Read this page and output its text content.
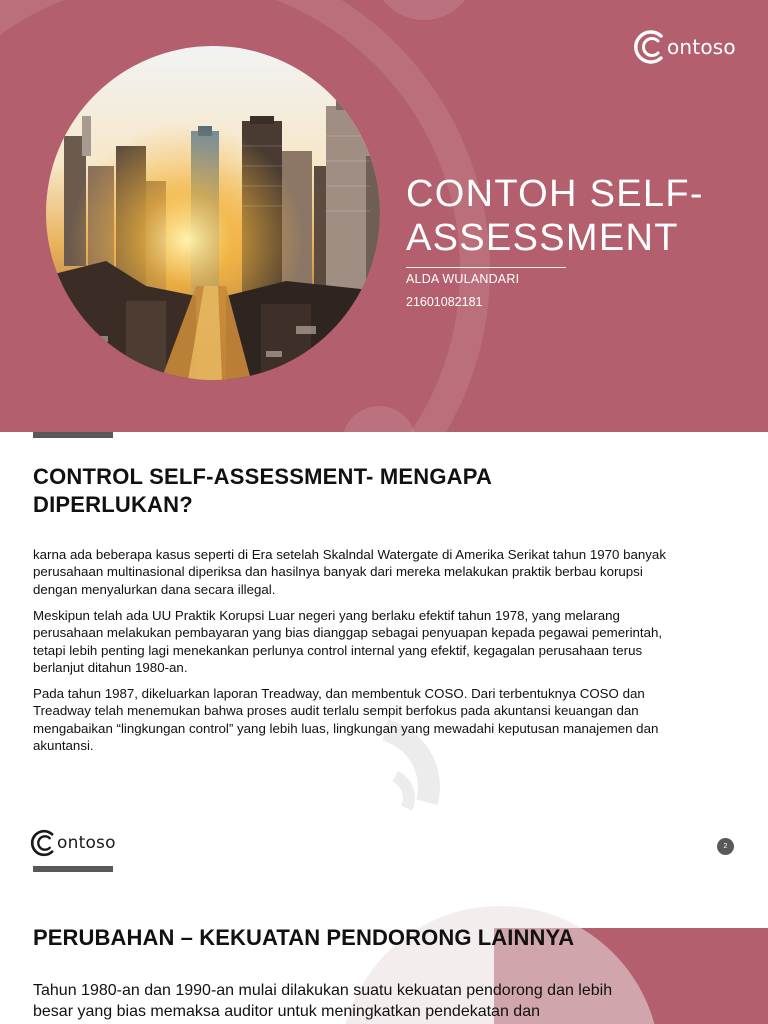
ontoso
CONTOH SELF-ASSESSMENT
ALDA WULANDARI
21601082181
CONTROL SELF-ASSESSMENT- MENGAPA DIPERLUKAN?

karna ada beberapa kasus seperti di Era setelah Skalndal Watergate di Amerika Serikat tahun 1970 banyak perusahaan multinasional diperiksa dan hasilnya banyak dari mereka melakukan praktik berbau korupsi dengan menyalurkan dana secara illegal.

Meskipun telah ada UU Praktik Korupsi Luar negeri yang berlaku efektif tahun 1978, yang melarang perusahaan melakukan pembayaran yang bias dianggap sebagai penyuapan kepada pegawai pemerintah, tetapi lebih penting lagi menekankan perlunya control internal yang efektif, kegagalan perusahaan terus berlanjut ditahun 1980-an.

Pada tahun 1987, dikeluarkan laporan Treadway, dan membentuk COSO. Dari terbentuknya COSO dan Treadway telah menemukan bahwa proses audit terlalu sempit berfokus pada akuntansi keuangan dan mengabaikan “lingkungan control” yang lebih luas, lingkungan yang mewadahi keputusan manajemen dan akuntansi.

ontoso	2
PERUBAHAN – KEKUATAN PENDORONG LAINNYA

Tahun 1980-an dan 1990-an mulai dilakukan suatu kekuatan pendorong dan lebih besar yang bias memaksa auditor untuk meningkatkan pendekatan dan
